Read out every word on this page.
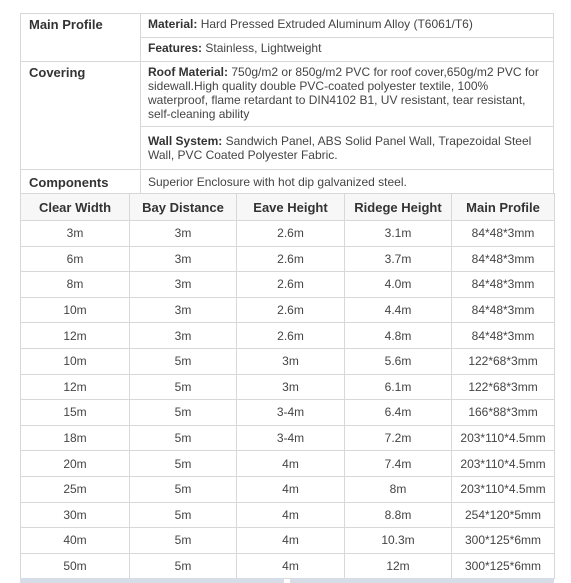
Main Profile	Material: Hard Pressed Extruded Aluminum Alloy (T6061/T6)
	Features: Stainless, Lightweight
Covering	Roof Material: 750g/m2 or 850g/m2 PVC for roof cover,650g/m2 PVC for sidewall.High quality double PVC-coated polyester textile, 100% waterproof, flame retardant to DIN4102 B1, UV resistant, tear resistant, self-cleaning ability
	Wall System: Sandwich Panel, ABS Solid Panel Wall, Trapezoidal Steel Wall, PVC Coated Polyester Fabric.
Components	Superior Enclosure with hot dip galvanized steel.
Clear Width	Bay Distance	Eave Height	Ridege Height	Main Profile
3m	3m	2.6m	3.1m	84*48*3mm
6m	3m	2.6m	3.7m	84*48*3mm
8m	3m	2.6m	4.0m	84*48*3mm
10m	3m	2.6m	4.4m	84*48*3mm
12m	3m	2.6m	4.8m	84*48*3mm
10m	5m	3m	5.6m	122*68*3mm
12m	5m	3m	6.1m	122*68*3mm
15m	5m	3-4m	6.4m	166*88*3mm
18m	5m	3-4m	7.2m	203*110*4.5mm
20m	5m	4m	7.4m	203*110*4.5mm
25m	5m	4m	8m	203*110*4.5mm
30m	5m	4m	8.8m	254*120*5mm
40m	5m	4m	10.3m	300*125*6mm
50m	5m	4m	12m	300*125*6mm
